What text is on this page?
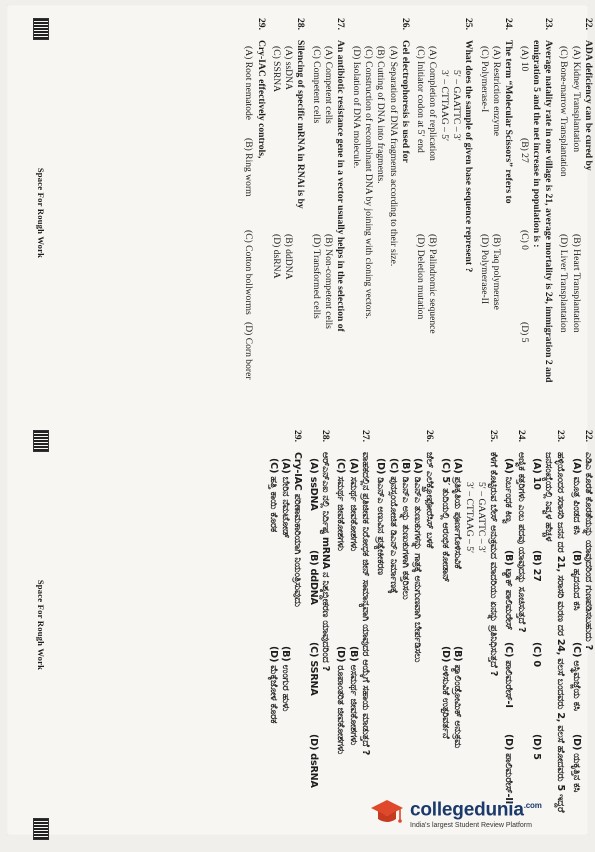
22.
ADA deficiency can be cured by
(A) Kidney Transplantation
(B) Heart Transplantation
(C) Bone-marrow Transplantation
(D) Liver Transplantation
23.
Average natality rate in one village is 21, average mortality is 24, immigration 2 and emigration 5 and the net increase in population is :
(A) 10
(B) 27
(C) 0
(D) 5
24.
The term “Molecular Scissors” refers to
(A) Restriction enzyme
(B) Taq polymerase
(C) Polymerase-I
(D) Polymerase-II
25.
What does the sample of given base sequence represent ?
5′ – GAATTC – 3′
3′ – CTTAAG – 5′
(A) Completion of replication
(B) Palindromic sequence
(C) Initiator codon at 5′ end
(D) Deletion mutation
26.
Gel electrophoresis is used for
(A) Separation of DNA fragments according to their size.
(B) Cutting of DNA into fragments.
(C) Construction of recombinant DNA by joining with cloning vectors.
(D) Isolation of DNA molecule.
27.
An antibiotic resistance gene in a vector usually helps in the selection of
(A) Competent cells
(B) Non-competent cells
(C) Competent cells
(D) Transformed cells
28.
Silencing of specific mRNA in RNAi is by
(A) ssDNA
(B) ddDNA
(C) SSRNA
(D) dsRNA
29.
Cry-IAC effectively controls,
(A) Root nematode
(B) Ring worm
(C) Cotton bollworms
(D) Corn borer
22.
ಎಡಿಎ ಕೊರತೆ ಕೊರತೆಯನ್ನು ಯಾವುದರಿಂದ ಗುಣಪಡಿಸಬಹುದು ?
(A) ಮೂತ್ರ ಪಿಂಡದ ಕಸಿ
(B) ಹೃದಯದ ಕಸಿ
(C) ಅಸ್ಥಿಮಜ್ಜೆಯ ಕಸಿ
(D) ಯಕೃತ್ತಿನ ಕಸಿ
23.
ಹಳ್ಳಿಯೊಂದರ ಸರಾಸರಿ ಜನನ ದರ 21, ಸರಾಸರಿ ಮರಣ ದರ 24, ವಲಸೆ ಬಂದವರು 2, ವಲಸೆ ಹೋದವರು 5 ಇದ್ದರೆ ಜನಸಂಖ್ಯೆಯಲ್ಲಿ ನಿವ್ವಳ ಹೆಚ್ಚಳ
(A) 10
(B) 27
(C) 0
(D) 5
24.
ಅಣ್ವಿಕ ಕತ್ತರಿಗಳು ಎಂಬ ಪದವು ಯಾವುದನ್ನು ಸೂಚಿಸುತ್ತದೆ ?
(A) ನಿರ್ಬಂಧಕ ಕಿಣ್ವ
(B) ಟ್ಯಾಕ್ ಪಾಲಿಮರೇಸ್
(C) ಪಾಲಿಮರೇಸ್-I
(D) ಪಾಲಿಮರೇಸ್-II
25.
ಕೆಳಗೆ ಕೊಟ್ಟಿರುವ ಬೇಸ್ ಅನುಕ್ರಮದ ಮಾದರಿಯು ಏನನ್ನು ಪ್ರತಿನಿಧಿಸುತ್ತದೆ ?
5′ – GAATTC – 3′
3′ – CTTAAG – 5′
(A) ಪ್ರತಿಕೃತಿಯ ಪೂರ್ಣಗೊಳಿಸುವಿಕೆ
(B) ಪ್ಯಾಲಿಂಡ್ರೋಮಿಕ್ ಅನುಕ್ರಮ
(C) 5′ ತುದಿಯಲ್ಲಿ ಆರಂಭಿಕ ಕೋಡಾನ್
(D) ಅಳಿಸುವಿಕೆ ಉತ್ಪರಿವರ್ತನೆ
26.
ಜೆಲ್ ಎಲೆಕ್ಟ್ರೋಫೋರೆಸಿಸ್ ಬಳಕೆ
(A) ಡಿಎನ್ಎ ತುಣುಕುಗಳನ್ನು ಗಾತ್ರಕ್ಕೆ ಅನುಗುಣವಾಗಿ ಬೇರ್ಪಡಿಸಲು
(B) ಡಿಎನ್ಎ ಅನ್ನು ತುಣುಕುಗಳಾಗಿ ಕತ್ತರಿಸಲು
(C) ಪುನಸ್ಸಂಯೋಜಿತ ಡಿಎನ್ಎ ನಿರ್ಮಾಣಕ್ಕೆ
(D) ಡಿಎನ್ಎ ಅಣುವಿನ ಪ್ರತ್ಯೇಕೀಕರಣ
27.
ವಾಹಕದಲ್ಲಿನ ಪ್ರತಿಜೀವಕ ನಿರೋಧಕ ಜೀನ್ ಸಾಮಾನ್ಯವಾಗಿ ಯಾವುದರ ಆಯ್ಕೆಗೆ ಸಹಾಯ ಮಾಡುತ್ತದೆ ?
(A) ಸಮರ್ಥ ಜೀವಕೋಶಗಳು
(B) ಅಸಮರ್ಥ ಜೀವಕೋಶಗಳು
(C) ಸಮರ್ಥ ಜೀವಕೋಶಗಳು
(D) ರೂಪಾಂತರಿತ ಜೀವಕೋಶಗಳು
28.
ಆರ್‌ಎನ್‌ಎಐ ನಲ್ಲಿ ನಿರ್ದಿಷ್ಟ mRNA ನ ನಿಶ್ಶಬ್ದೀಕರಣ ಯಾವುದರಿಂದ ?
(A) ssDNA
(B) ddDNA
(C) SSRNA
(D) dsRNA
29.
Cry-IAC ಪರಿಣಾಮಕಾರಿಯಾಗಿ ನಿಯಂತ್ರಿಸುವುದು
(A) ಬೇರಿನ ನೆಮಟೋಡ್
(B) ಉಂಗುರ ಹುಳು
(C) ಹತ್ತಿ ಕಾಯಿ ಕೊರಕ
(D) ಮೆಕ್ಕೆಜೋಳ ಕೊರಕ
Space For Rough Work
Space For Rough Work
collegedunia$^{.com}$
India's largest Student Review Platform
